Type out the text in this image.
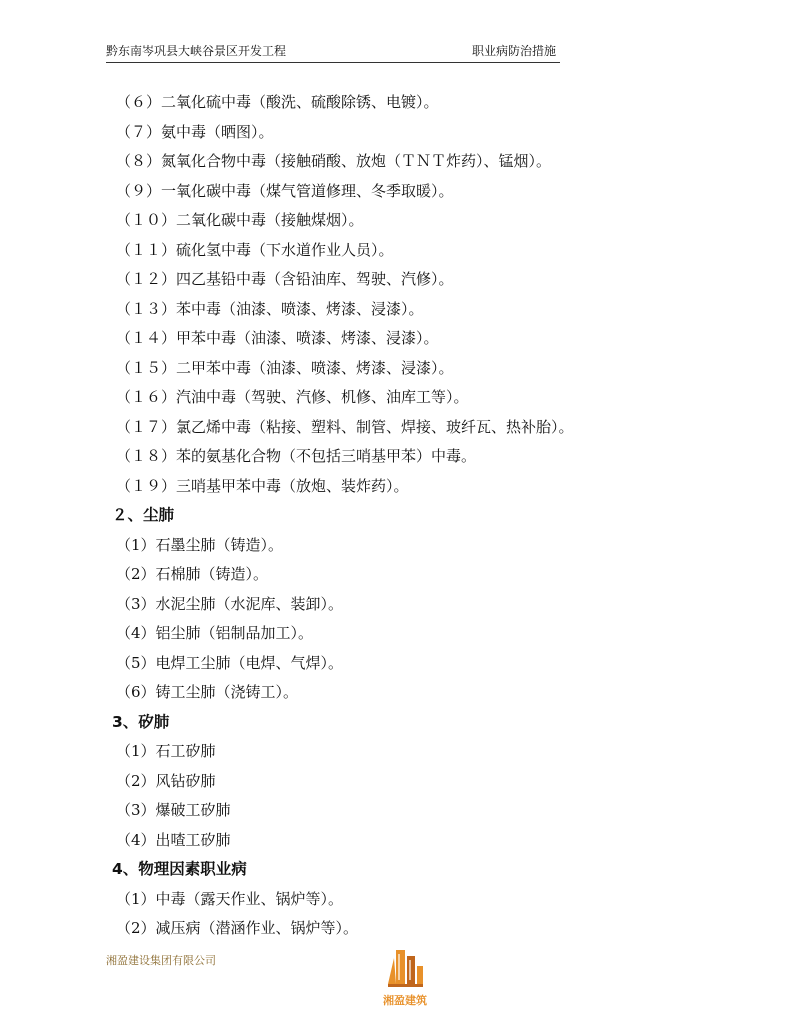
黔东南岑巩县大峡谷景区开发工程	职业病防治措施
（６）二氧化硫中毒（酸洗、硫酸除锈、电镀）。
（７）氨中毒（晒图）。
（８）氮氧化合物中毒（接触硝酸、放炮（ＴＮＴ炸药）、锰烟）。
（９）一氧化碳中毒（煤气管道修理、冬季取暖）。
（１０）二氧化碳中毒（接触煤烟）。
（１１）硫化氢中毒（下水道作业人员）。
（１２）四乙基铅中毒（含铅油库、驾驶、汽修）。
（１３）苯中毒（油漆、喷漆、烤漆、浸漆）。
（１４）甲苯中毒（油漆、喷漆、烤漆、浸漆）。
（１５）二甲苯中毒（油漆、喷漆、烤漆、浸漆）。
（１６）汽油中毒（驾驶、汽修、机修、油库工等）。
（１７）氯乙烯中毒（粘接、塑料、制管、焊接、玻纤瓦、热补胎）。
（１８）苯的氨基化合物（不包括三哨基甲苯）中毒。
（１９）三哨基甲苯中毒（放炮、装炸药）。
２、尘肺
（1）石墨尘肺（铸造）。
（2）石棉肺（铸造）。
（3）水泥尘肺（水泥库、装卸）。
（4）铝尘肺（铝制品加工）。
（5）电焊工尘肺（电焊、气焊）。
（6）铸工尘肺（浇铸工）。
3、矽肺
（1）石工矽肺
（2）风钻矽肺
（3）爆破工矽肺
（4）出喳工矽肺
4、物理因素职业病
（1）中毒（露天作业、锅炉等）。
（2）减压病（潜涵作业、锅炉等）。
湘盈建设集团有限公司
湘盈建筑
